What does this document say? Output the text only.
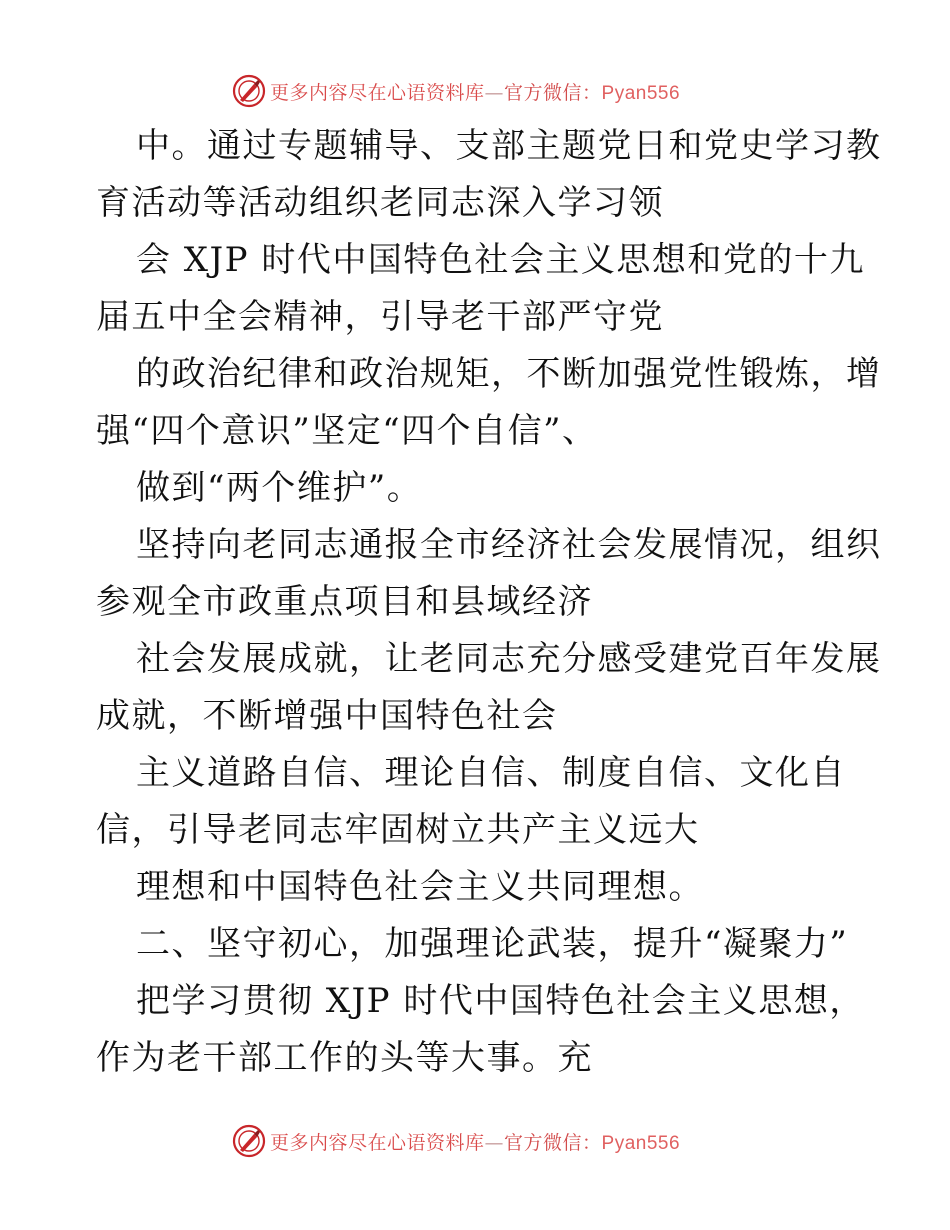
更多内容尽在心语资料库—官方微信：Pyan556
中。通过专题辅导、支部主题党日和党史学习教
育活动等活动组织老同志深入学习领
会 XJP 时代中国特色社会主义思想和党的十九
届五中全会精神，引导老干部严守党
的政治纪律和政治规矩，不断加强党性锻炼，增
强“四个意识”坚定“四个自信”、
做到“两个维护”。
坚持向老同志通报全市经济社会发展情况，组织
参观全市政重点项目和县域经济
社会发展成就，让老同志充分感受建党百年发展
成就，不断增强中国特色社会
主义道路自信、理论自信、制度自信、文化自
信，引导老同志牢固树立共产主义远大
理想和中国特色社会主义共同理想。
二、坚守初心，加强理论武装，提升“凝聚力”
把学习贯彻 XJP 时代中国特色社会主义思想，
作为老干部工作的头等大事。充
更多内容尽在心语资料库—官方微信：Pyan556
